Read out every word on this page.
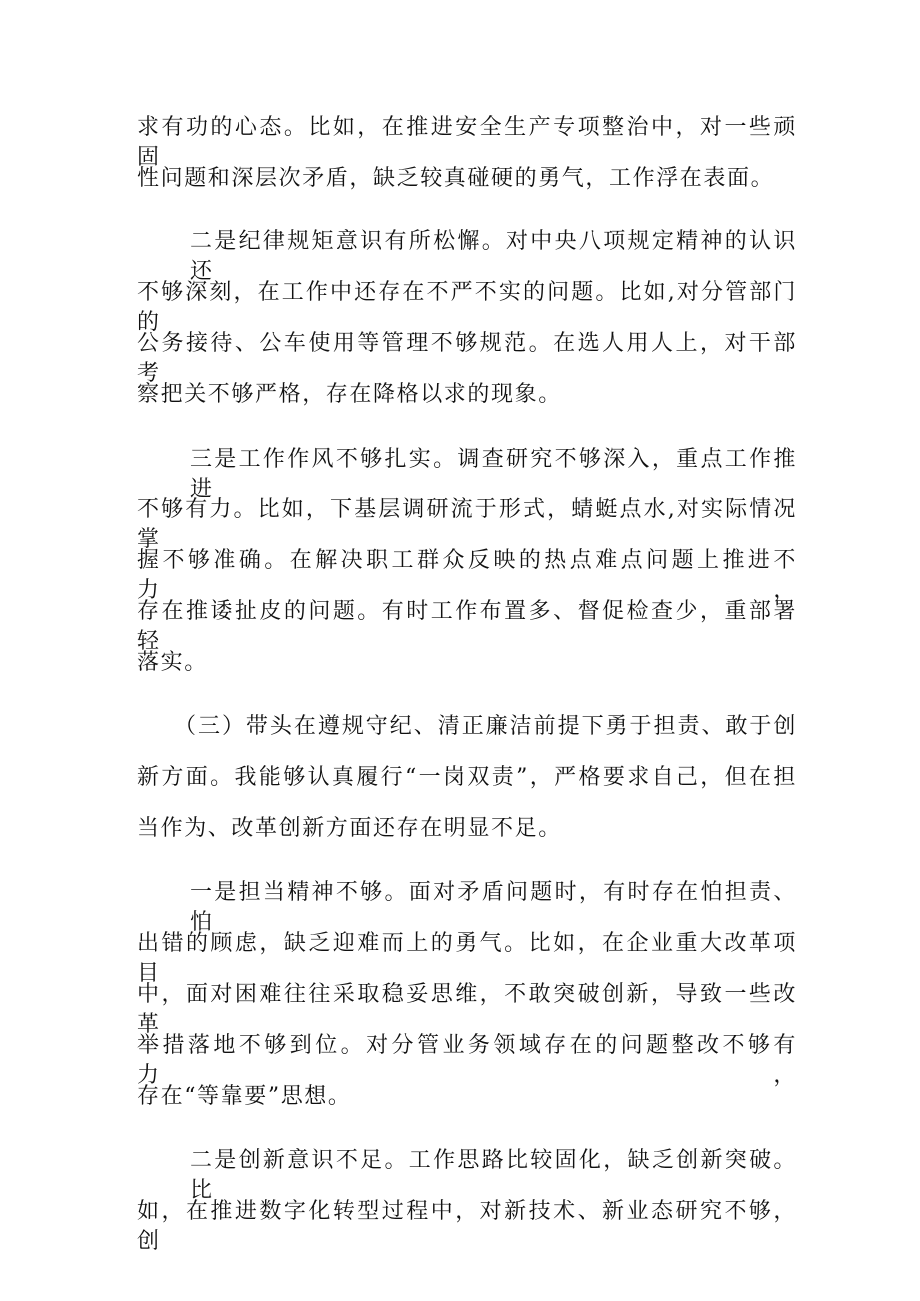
求有功的心态。比如，在推进安全生产专项整治中，对一些顽固
性问题和深层次矛盾，缺乏较真碰硬的勇气，工作浮在表面。
二是纪律规矩意识有所松懈。对中央八项规定精神的认识还
不够深刻，在工作中还存在不严不实的问题。比如,对分管部门的
公务接待、公车使用等管理不够规范。在选人用人上，对干部考
察把关不够严格，存在降格以求的现象。
三是工作作风不够扎实。调查研究不够深入，重点工作推进
不够有力。比如，下基层调研流于形式，蜻蜓点水,对实际情况掌
握不够准确。在解决职工群众反映的热点难点问题上推进不力，
存在推诿扯皮的问题。有时工作布置多、督促检查少，重部署轻
落实。
（三）带头在遵规守纪、清正廉洁前提下勇于担责、敢于创
新方面。我能够认真履行“一岗双责”，严格要求自己，但在担
当作为、改革创新方面还存在明显不足。
一是担当精神不够。面对矛盾问题时，有时存在怕担责、怕
出错的顾虑，缺乏迎难而上的勇气。比如，在企业重大改革项目
中，面对困难往往采取稳妥思维，不敢突破创新，导致一些改革
举措落地不够到位。对分管业务领域存在的问题整改不够有力，
存在“等靠要”思想。
二是创新意识不足。工作思路比较固化，缺乏创新突破。比
如，在推进数字化转型过程中，对新技术、新业态研究不够，创
